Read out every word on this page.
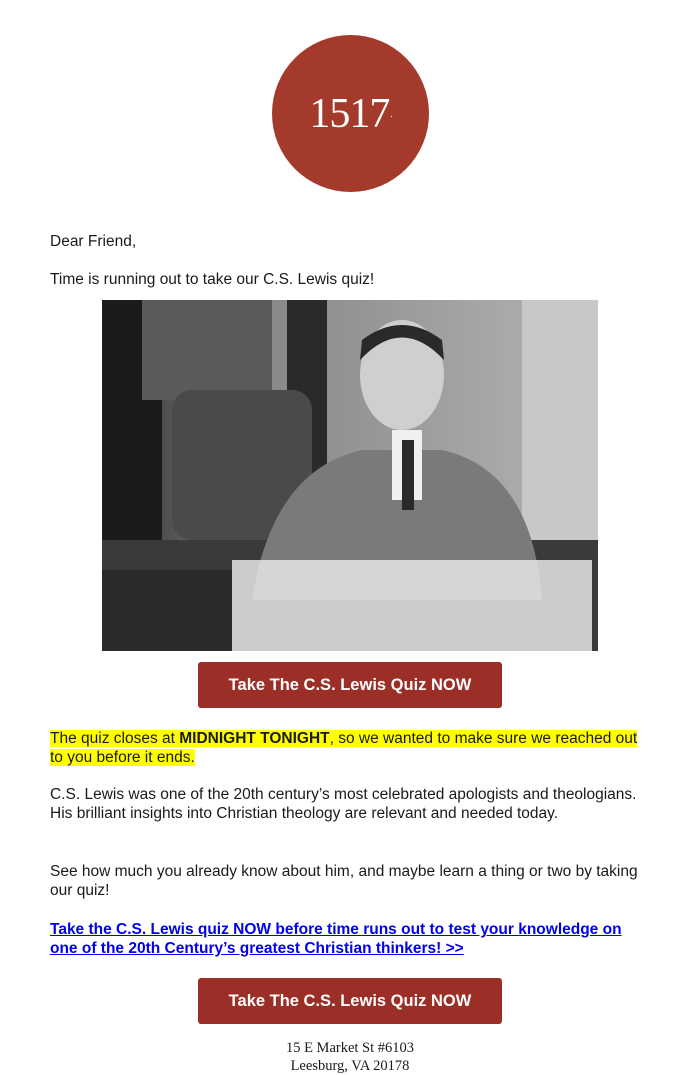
1517 .

Dear Friend,

Time is running out to take our C.S. Lewis quiz!

Take The C.S. Lewis Quiz NOW

The quiz closes at MIDNIGHT TONIGHT, so we wanted to make sure we reached out to you before it ends.

C.S. Lewis was one of the 20th century’s most celebrated apologists and theologians. His brilliant insights into Christian theology are relevant and needed today.

See how much you already know about him, and maybe learn a thing or two by taking our quiz!

Take the C.S. Lewis quiz NOW before time runs out to test your knowledge on one of the 20th Century’s greatest Christian thinkers! >>

Take The C.S. Lewis Quiz NOW
15 E Market St #6103
Leesburg, VA 20178
